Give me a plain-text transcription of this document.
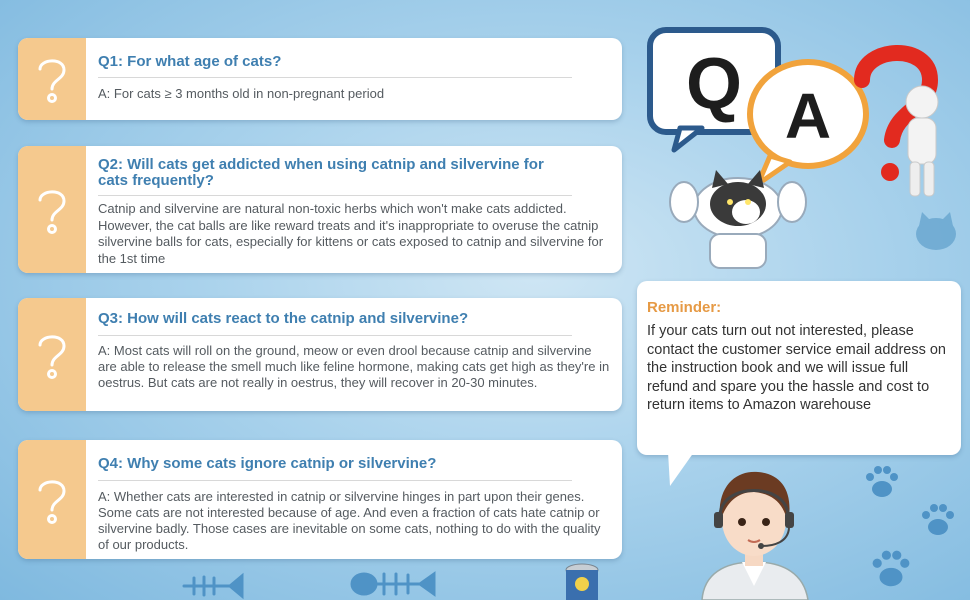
Q1: For what age of cats?
A: For cats ≥ 3 months old in non-pregnant period
Q2: Will cats get addicted when using catnip and silvervine for cats frequently?
Catnip and silvervine are natural non-toxic herbs which won't make cats addicted. However, the cat balls are like reward treats and it's inappropriate to overuse the catnip silvervine balls for cats, especially for kittens or cats exposed to catnip and silvervine for the 1st time
Q3: How will cats react to the catnip and silvervine?
A: Most cats will roll on the ground, meow or even drool because catnip and silvervine are able to release the smell much like feline hormone, making cats get high as they're in oestrus. But cats are not really in oestrus, they will recover in 20-30 minutes.
Q4: Why some cats ignore catnip or silvervine?
A: Whether cats are interested in catnip or silvervine hinges in part upon their genes. Some cats are not interested because of age. And even a fraction of cats hate catnip or silvervine badly. Those cases are inevitable on some cats, nothing to do with the quality of our products.
Q A
Reminder:
If your cats turn out not interested, please contact the customer service email address on the instruction book and we will issue full refund and spare you the hassle and cost to return items to Amazon warehouse
